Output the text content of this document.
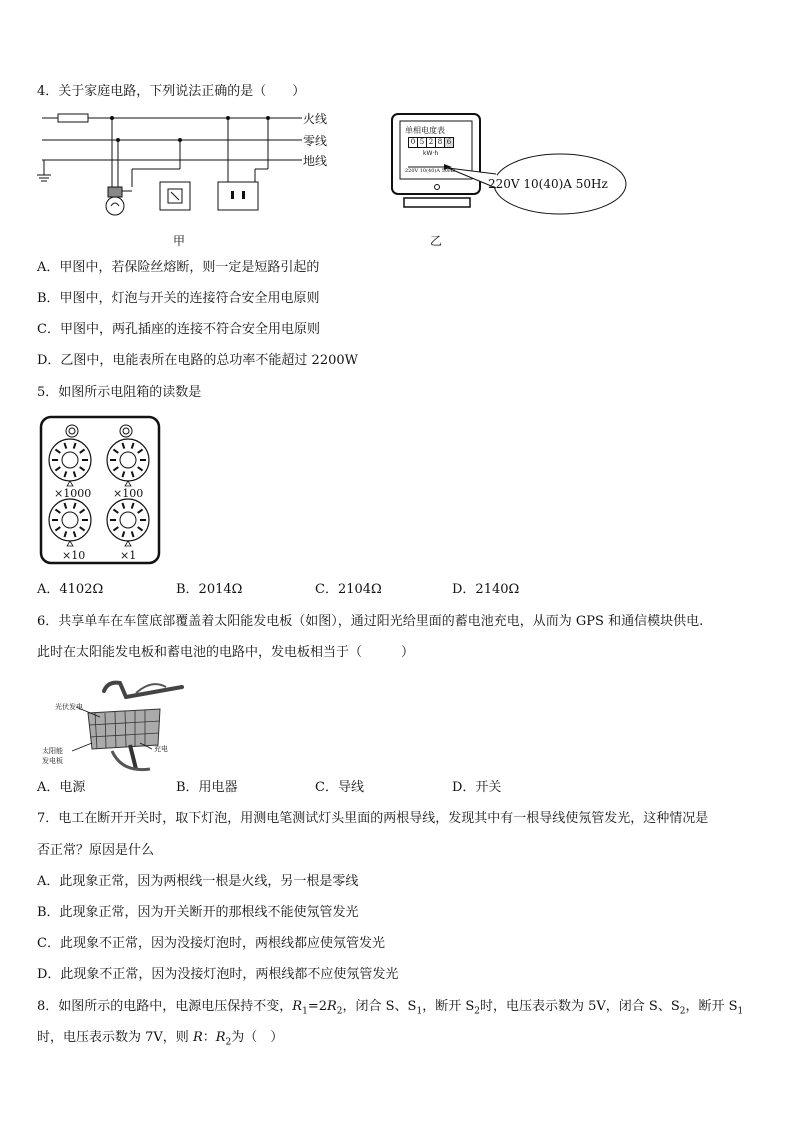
4．关于家庭电路，下列说法正确的是（　　）
火线
零线
地线
甲
单相电度表
0 5 2 8 6
kW·h
220V 10(40)A 50Hz
220V 10(40)A 50Hz
乙
A．甲图中，若保险丝熔断，则一定是短路引起的
B．甲图中，灯泡与开关的连接符合安全用电原则
C．甲图中，两孔插座的连接不符合安全用电原则
D．乙图中，电能表所在电路的总功率不能超过 2200W
5．如图所示电阻箱的读数是
×1000 ×100
×10	×1
A．4102Ω	B．2014Ω	C．2104Ω	D．2140Ω
6．共享单车在车筐底部覆盖着太阳能发电板（如图），通过阳光给里面的蓄电池充电，从而为 GPS 和通信模块供电.
此时在太阳能发电板和蓄电池的电路中，发电板相当于（　　　）
光伏发电
太阳能
发电板
充电
A．电源	B．用电器	C．导线	D．开关
7．电工在断开开关时，取下灯泡，用测电笔测试灯头里面的两根导线，发现其中有一根导线使氖管发光，这种情况是
否正常？原因是什么
A．此现象正常，因为两根线一根是火线，另一根是零线
B．此现象正常，因为开关断开的那根线不能使氖管发光
C．此现象不正常，因为没接灯泡时，两根线都应使氖管发光
D．此现象不正常，因为没接灯泡时，两根线都不应使氖管发光
8．如图所示的电路中，电源电压保持不变，$R_1=2R_2$，闭合 S、$S_1$，断开 $S_2$时，电压表示数为 5V，闭合 S、$S_2$，断开 $S_1$
时，电压表示数为 7V，则 R：$R_2$为（　）
